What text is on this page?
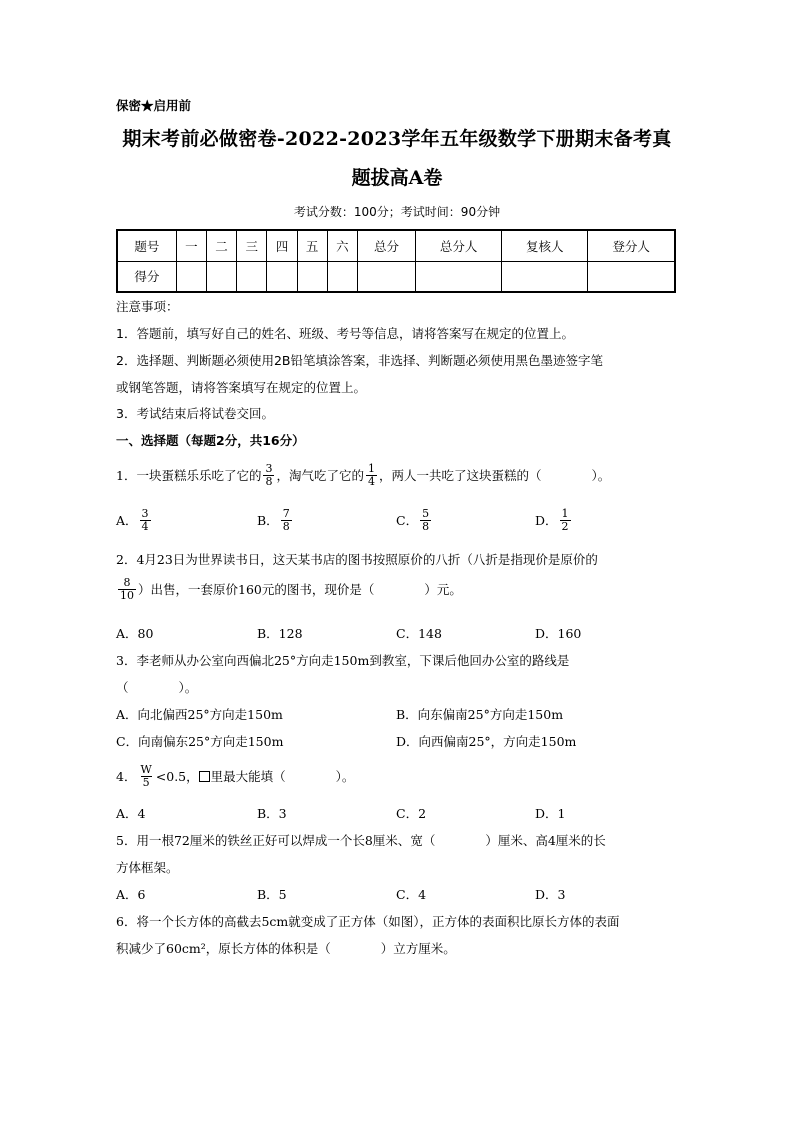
保密★启用前
期末考前必做密卷-2022-2023学年五年级数学下册期末备考真
题拔高A卷
考试分数：100分；考试时间：90分钟
题号	一	二	三	四	五	六	总分	总分人	复核人	登分人
得分										
注意事项：
1．答题前，填写好自己的姓名、班级、考号等信息，请将答案写在规定的位置上。
2．选择题、判断题必须使用2B铅笔填涂答案，非选择、判断题必须使用黑色墨迹签字笔
或钢笔答题，请将答案填写在规定的位置上。
3．考试结束后将试卷交回。
一、选择题（每题2分，共16分）
1．一块蛋糕乐乐吃了它的 $\frac{3}{8}$ ，淘气吃了它的 $\frac{1}{4}$ ，两人一共吃了这块蛋糕的（　　　　）。
A． $\frac{3}{4}$	B． $\frac{7}{8}$	C． $\frac{5}{8}$	D． $\frac{1}{2}$
2．4月23日为世界读书日，这天某书店的图书按照原价的八折（八折是指现价是原价的
$\frac{8}{10}$ ）出售，一套原价160元的图书，现价是（　　　　）元。
A．80	B．128	C．148	D．160
3．李老师从办公室向西偏北25°方向走150m到教室，下课后他回办公室的路线是
（　　　　）。
A．向北偏西25°方向走150m	B．向东偏南25°方向走150m
C．向南偏东25°方向走150m	D．向西偏南25°，方向走150m
4． $\frac{W}{5} <0.5$， 里最大能填（　　　　）。
A．4	B．3	C．2	D．1
5．用一根72厘米的铁丝正好可以焊成一个长8厘米、宽（　　　　）厘米、高4厘米的长
方体框架。
A．6	B．5	C．4	D．3
6．将一个长方体的高截去5cm就变成了正方体（如图），正方体的表面积比原长方体的表面
积减少了60cm²，原长方体的体积是（　　　　）立方厘米。
